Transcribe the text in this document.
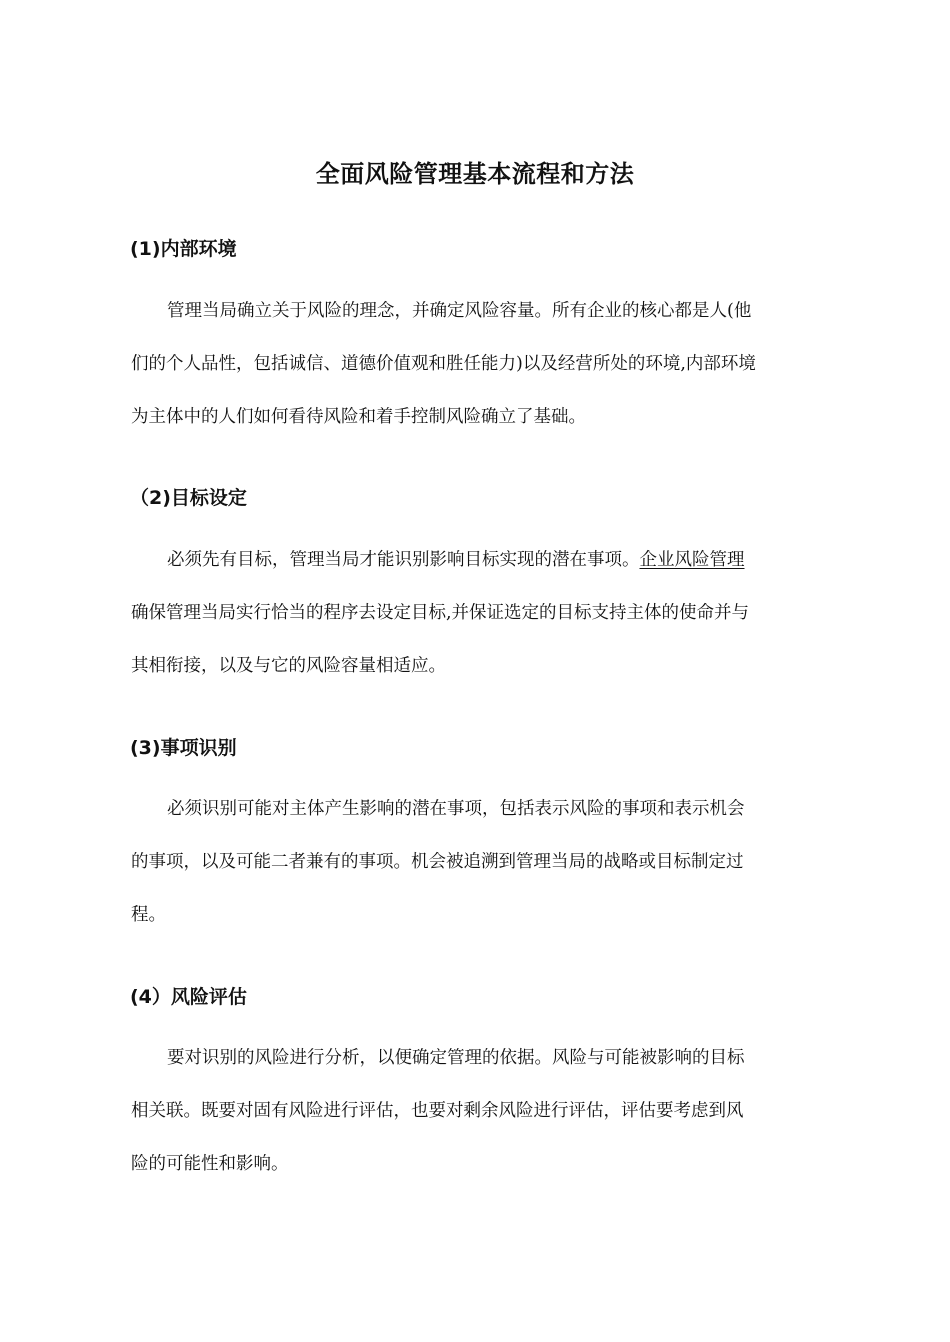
全面风险管理基本流程和方法
(1)内部环境
管理当局确立关于风险的理念，并确定风险容量。所有企业的核心都是人(他
们的个人品性，包括诚信、道德价值观和胜任能力)以及经营所处的环境,内部环境
为主体中的人们如何看待风险和着手控制风险确立了基础。
（2)目标设定
必须先有目标，管理当局才能识别影响目标实现的潜在事项。企业风险管理
确保管理当局实行恰当的程序去设定目标,并保证选定的目标支持主体的使命并与
其相衔接，以及与它的风险容量相适应。
(3)事项识别
必须识别可能对主体产生影响的潜在事项，包括表示风险的事项和表示机会
的事项，以及可能二者兼有的事项。机会被追溯到管理当局的战略或目标制定过
程。
(4）风险评估
要对识别的风险进行分析，以便确定管理的依据。风险与可能被影响的目标
相关联。既要对固有风险进行评估，也要对剩余风险进行评估，评估要考虑到风
险的可能性和影响。
